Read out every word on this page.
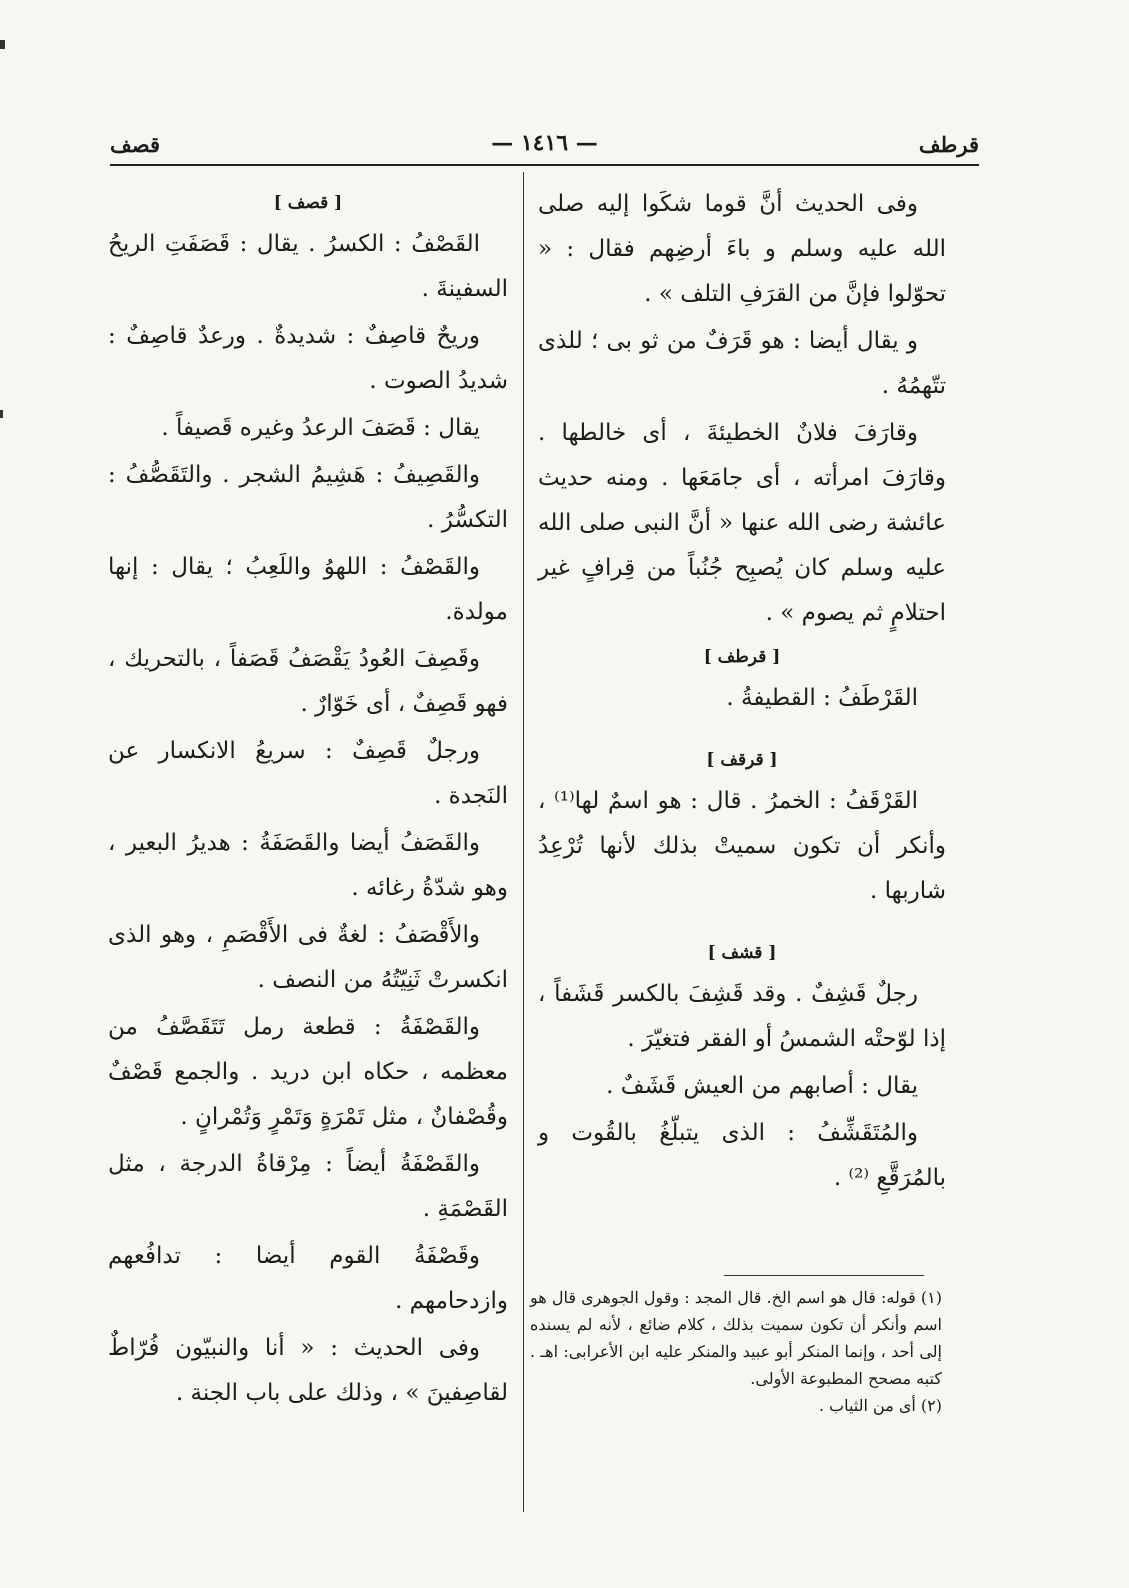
قرطف
— ١٤١٦ —
قصف

وفى الحديث أنَّ قوما شكَوا إليه صلى الله عليه وسلم و باءَ أرضِهم فقال : « تحوّلوا فإنَّ من القرَفِ التلف » .

و يقال أيضا : هو قَرَفٌ من ثو بى ؛ للذى تتّهمُهُ .

وقارَفَ فلانٌ الخطيئةَ ، أى خالطها . وقارَفَ امرأته ، أى جامَعَها . ومنه حديث عائشة رضى الله عنها « أنَّ النبى صلى الله عليه وسلم كان يُصبِح جُنُباً من قِرافٍ غير احتلامٍ ثم يصوم » .

[ قرطف ]

القَرْطَفُ : القطيفةُ .

[ قرقف ]

القَرْقَفُ : الخمرُ . قال : هو اسمٌ لها⁽¹⁾ ، وأنكر أن تكون سميتْ بذلك لأنها تُرْعِدُ شاربها .

[ قشف ]

رجلٌ قَشِفٌ . وقد قَشِفَ بالكسر قَشَفاً ، إذا لوّحتْه الشمسُ أو الفقر فتغيّرَ .

يقال : أصابهم من العيش قَشَفٌ .

والمُتَقَشِّفُ : الذى يتبلّغُ بالقُوت و بالمُرَقَّعِ ⁽²⁾ .

(١) قوله: قال هو اسم الخ. قال المجد : وقول الجوهرى قال هو اسم وأنكر أن تكون سميت بذلك ، كلام ضائع ، لأنه لم يسنده إلى أحد ، وإنما المنكر أبو عبيد والمنكر عليه ابن الأعرابى: اهـ . كتبه مصحح المطبوعة الأولى.

(٢) أى من الثياب .

[ قصف ]

القَصْفُ : الكسرُ . يقال : قَصَفَتِ الريحُ السفينةَ .

وريحٌ قاصِفٌ : شديدةٌ . ورعدٌ قاصِفٌ : شديدُ الصوت .

يقال : قَصَفَ الرعدُ وغيره قَصيفاً .

والقَصِيفُ : هَشِيمُ الشجر . والتَقَصُّفُ : التكسُّرُ .

والقَصْفُ : اللهوُ واللَعِبُ ؛ يقال : إنها مولدة.

وقَصِفَ العُودُ يَقْصَفُ قَصَفاً ، بالتحريك ، فهو قَصِفٌ ، أى خَوّارٌ .

ورجلٌ قَصِفٌ : سريعُ الانكسار عن النَجدة .

والقَصَفُ أيضا والقَصَفَةُ : هديرُ البعير ، وهو شدّةُ رغائه .

والأَقْصَفُ : لغةٌ فى الأَقْصَمِ ، وهو الذى انكسرتْ ثَنِيّتُهُ من النصف .

والقَصْفَةُ : قطعة رمل تَتَقَصَّفُ من معظمه ، حكاه ابن دريد . والجمع قَصْفٌ وقُصْفانٌ ، مثل تَمْرَةٍ وَتَمْرٍ وَتُمْرانٍ .

والقَصْفَةُ أيضاً : مِرْقاةُ الدرجة ، مثل القَصْمَةِ .

وقَصْفَةُ القوم أيضا : تدافُعهم وازدحامهم .

وفى الحديث : « أنا والنبيّون فُرّاطٌ لقاصِفينَ » ، وذلك على باب الجنة .
